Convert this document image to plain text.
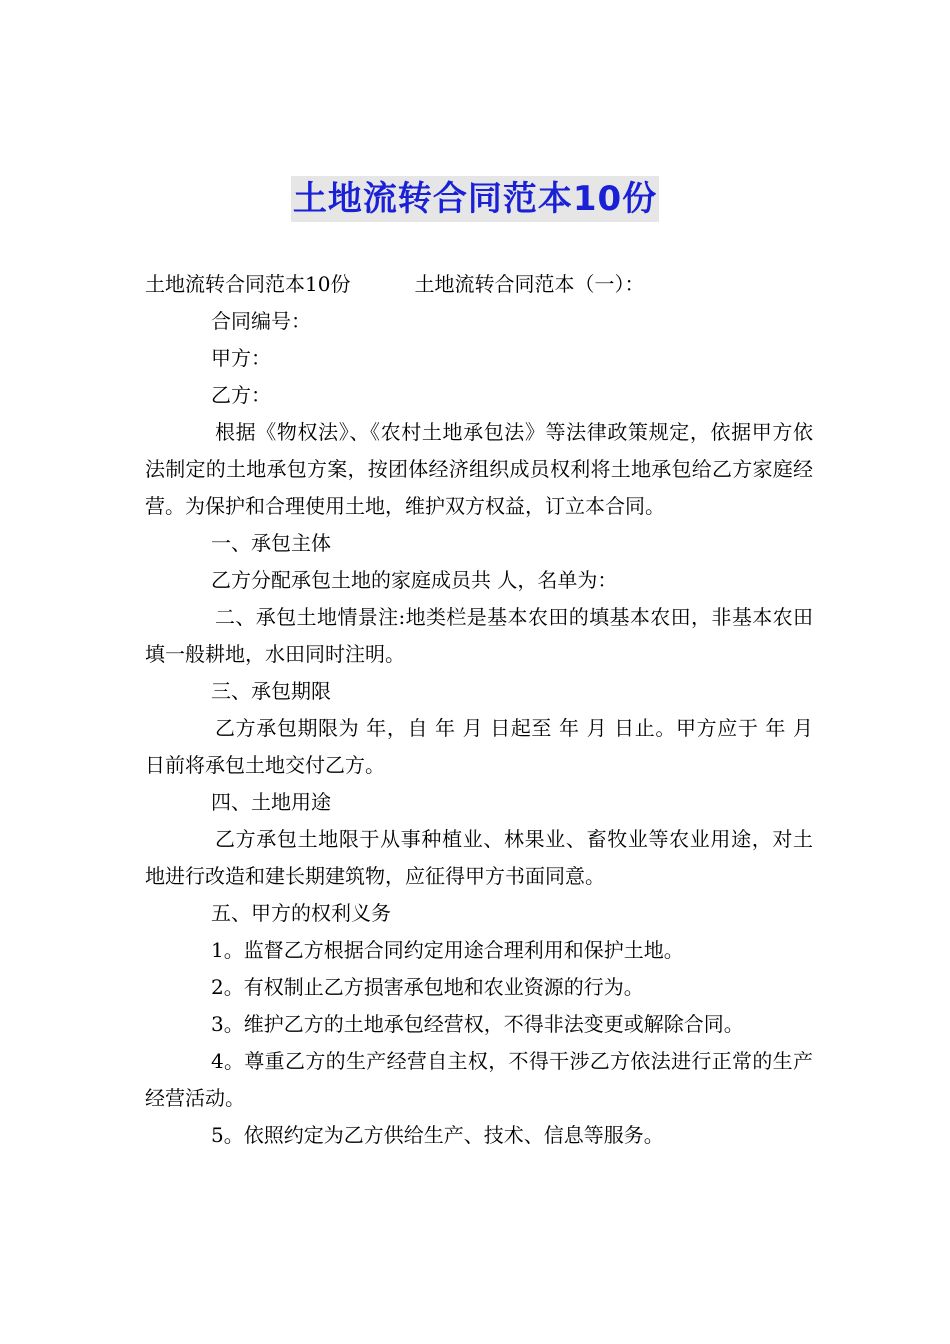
土地流转合同范本10份

土地流转合同范本10份	土地流转合同范本（一）：

合同编号：

甲方：

乙方：

根据《物权法》、《农村土地承包法》等法律政策规定，依据甲方依法制定的土地承包方案，按团体经济组织成员权利将土地承包给乙方家庭经营。为保护和合理使用土地，维护双方权益，订立本合同。

一、承包主体

乙方分配承包土地的家庭成员共 人，名单为：

二、承包土地情景注:地类栏是基本农田的填基本农田，非基本农田填一般耕地，水田同时注明。

三、承包期限

乙方承包期限为 年，自 年 月 日起至 年 月 日止。甲方应于 年 月 日前将承包土地交付乙方。

四、土地用途

乙方承包土地限于从事种植业、林果业、畜牧业等农业用途，对土地进行改造和建长期建筑物，应征得甲方书面同意。

五、甲方的权利义务

1。监督乙方根据合同约定用途合理利用和保护土地。

2。有权制止乙方损害承包地和农业资源的行为。

3。维护乙方的土地承包经营权，不得非法变更或解除合同。

4。尊重乙方的生产经营自主权，不得干涉乙方依法进行正常的生产经营活动。

5。依照约定为乙方供给生产、技术、信息等服务。
